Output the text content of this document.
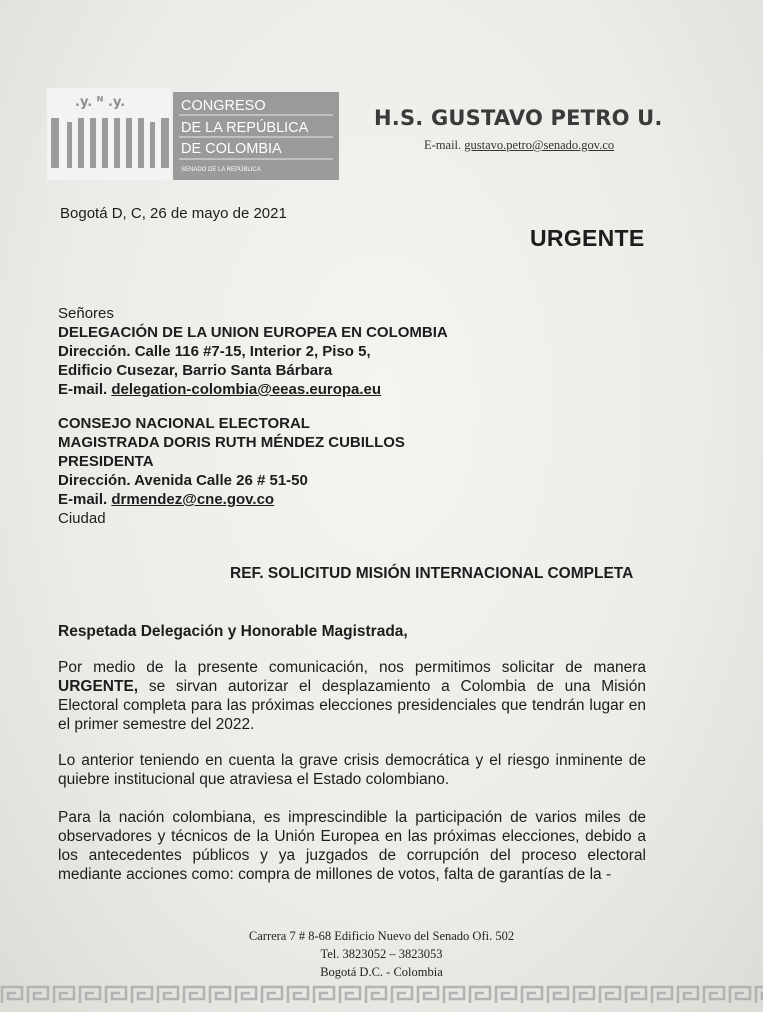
.y. ᴺ .y.	CONGRESO
DE LA REPÚBLICA
DE COLOMBIA
SENADO DE LA REPÚBLICA
H.S. GUSTAVO PETRO U.
E-mail. gustavo.petro@senado.gov.co
Bogotá D, C, 26 de mayo de 2021
URGENTE
Señores
DELEGACIÓN DE LA UNION EUROPEA EN COLOMBIA
Dirección. Calle 116 #7-15, Interior 2, Piso 5,
Edificio Cusezar, Barrio Santa Bárbara
E-mail. delegation-colombia@eeas.europa.eu
CONSEJO NACIONAL ELECTORAL
MAGISTRADA DORIS RUTH MÉNDEZ CUBILLOS
PRESIDENTA
Dirección. Avenida Calle 26 # 51-50
E-mail. drmendez@cne.gov.co
Ciudad
REF. SOLICITUD MISIÓN INTERNACIONAL COMPLETA
Respetada Delegación y Honorable Magistrada,
Por medio de la presente comunicación, nos permitimos solicitar de manera URGENTE, se sirvan autorizar el desplazamiento a Colombia de una Misión Electoral completa para las próximas elecciones presidenciales que tendrán lugar en el primer semestre del 2022.
Lo anterior teniendo en cuenta la grave crisis democrática y el riesgo inminente de quiebre institucional que atraviesa el Estado colombiano.
Para la nación colombiana, es imprescindible la participación de varios miles de observadores y técnicos de la Unión Europea en las próximas elecciones, debido a los antecedentes públicos y ya juzgados de corrupción del proceso electoral mediante acciones como: compra de millones de votos, falta de garantías de la -
Carrera 7 # 8-68 Edificio Nuevo del Senado Ofi. 502
Tel. 3823052 – 3823053
Bogotá D.C. - Colombia
